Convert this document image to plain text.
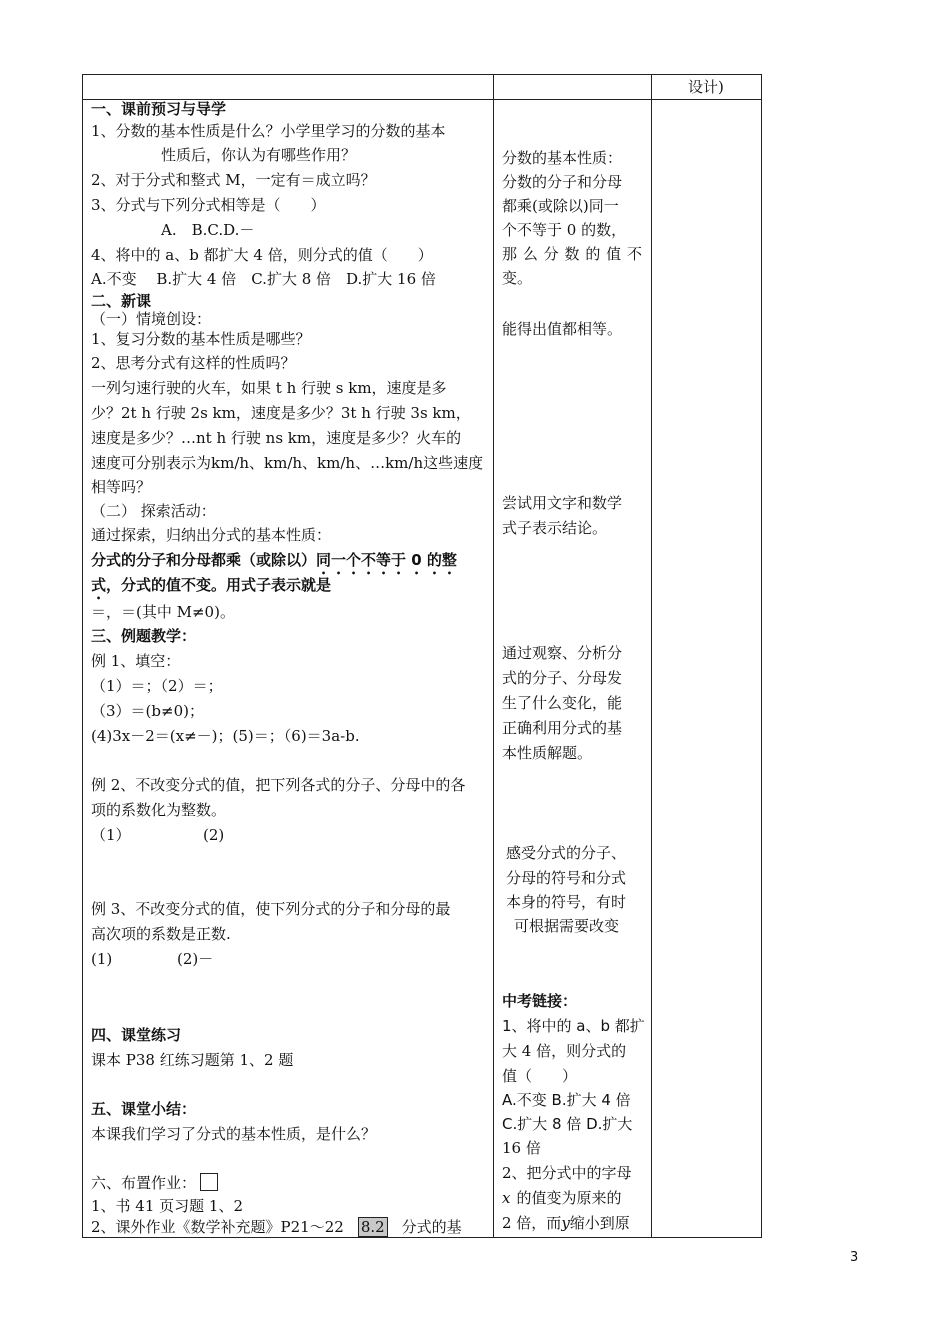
设计)
一、课前预习与导学
1、分数的基本性质是什么？小学里学习的分数的基本
性质后，你认为有哪些作用？
2、对于分式和整式 M，一定有＝成立吗？
3、分式与下列分式相等是（　　）
A.　B.C.D.－
4、将中的 a、b 都扩大 4 倍，则分式的值（　　）
A.不变　 B.扩大 4 倍　C.扩大 8 倍　D.扩大 16 倍
二、新课
（一）情境创设：
1、复习分数的基本性质是哪些？
2、思考分式有这样的性质吗？
一列匀速行驶的火车，如果 t h 行驶 s km，速度是多
少？2t h 行驶 2s km，速度是多少？3t h 行驶 3s km，
速度是多少？…nt h 行驶 ns km，速度是多少？火车的
速度可分别表示为km/h、km/h、km/h、…km/h这些速度
相等吗？
（二） 探索活动：
通过探索，归纳出分式的基本性质：
分式的分子和分母都乘（或除以）同一个不等于 0 的整
式，分式的值不变。用式子表示就是
＝，＝(其中 M≠0)。
三、例题教学：
例 1、填空：
（1）＝；（2）＝；
（3）＝(b≠0)；
(4)3x－2＝(x≠－)；(5)＝；（6)＝3a-b.
例 2、不改变分式的值，把下列各式的分子、分母中的各
项的系数化为整数。
（1）	(2)
例 3、不改变分式的值，使下列分式的分子和分母的最
高次项的系数是正数.
(1)	(2)－
四、课堂练习
课本 P38 红练习题第 1、2 题
五、课堂小结：
本课我们学习了分式的基本性质，是什么？
六、布置作业：
1、书 41 页习题 1、2
2、课外作业《数学补充题》P21～22 8.2 分式的基
分数的基本性质：
分数的分子和分母
都乘(或除以)同一
个不等于 0 的数，
那么分数的值不
变。
能得出值都相等。
尝试用文字和数学
式子表示结论。
通过观察、分析分
式的分子、分母发
生了什么变化，能
正确利用分式的基
本性质解题。
感受分式的分子、
分母的符号和分式
本身的符号，有时
可根据需要改变
中考链接：
1、将中的 a、b 都扩
大 4 倍，则分式的
值（　　）
A.不变 B.扩大 4 倍
C.扩大 8 倍 D.扩大
16 倍
2、把分式中的字母
x 的值变为原来的
2 倍，而y缩小到原
3
